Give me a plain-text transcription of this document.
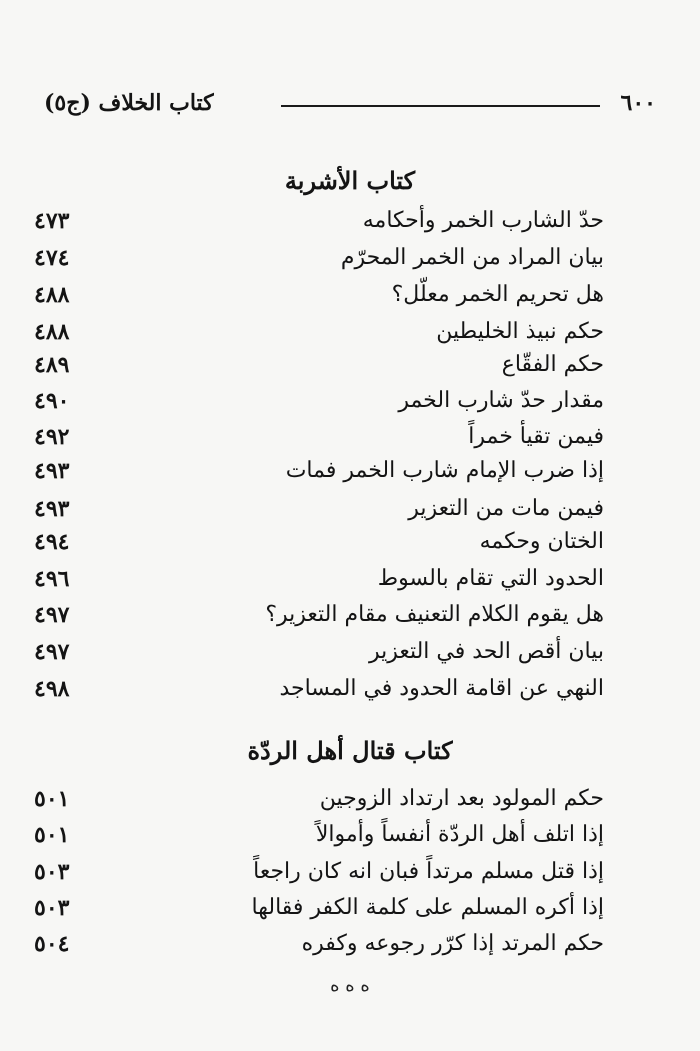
٦٠٠
كتاب الخلاف (ج٥)
كتاب الأشربة
حدّ الشارب الخمر وأحكامه
٤٧٣
بيان المراد من الخمر المحرّم
٤٧٤
هل تحريم الخمر معلّل؟
٤٨٨
حكم نبيذ الخليطين
٤٨٨
حكم الفقّاع
٤٨٩
مقدار حدّ شارب الخمر
٤٩٠
فيمن تقيأ خمراً
٤٩٢
إذا ضرب الإمام شارب الخمر فمات
٤٩٣
فيمن مات من التعزير
٤٩٣
الختان وحكمه
٤٩٤
الحدود التي تقام بالسوط
٤٩٦
هل يقوم الكلام التعنيف مقام التعزير؟
٤٩٧
بيان أقص الحد في التعزير
٤٩٧
النهي عن اقامة الحدود في المساجد
٤٩٨
كتاب قتال أهل الردّة
حكم المولود بعد ارتداد الزوجين
٥٠١
إذا اتلف أهل الردّة أنفساً وأموالاً
٥٠١
إذا قتل مسلم مرتداً فبان انه كان راجعاً
٥٠٣
إذا أكره المسلم على كلمة الكفر فقالها
٥٠٣
حكم المرتد إذا كرّر رجوعه وكفره
٥٠٤
ﻩ ﻩ ﻩ
